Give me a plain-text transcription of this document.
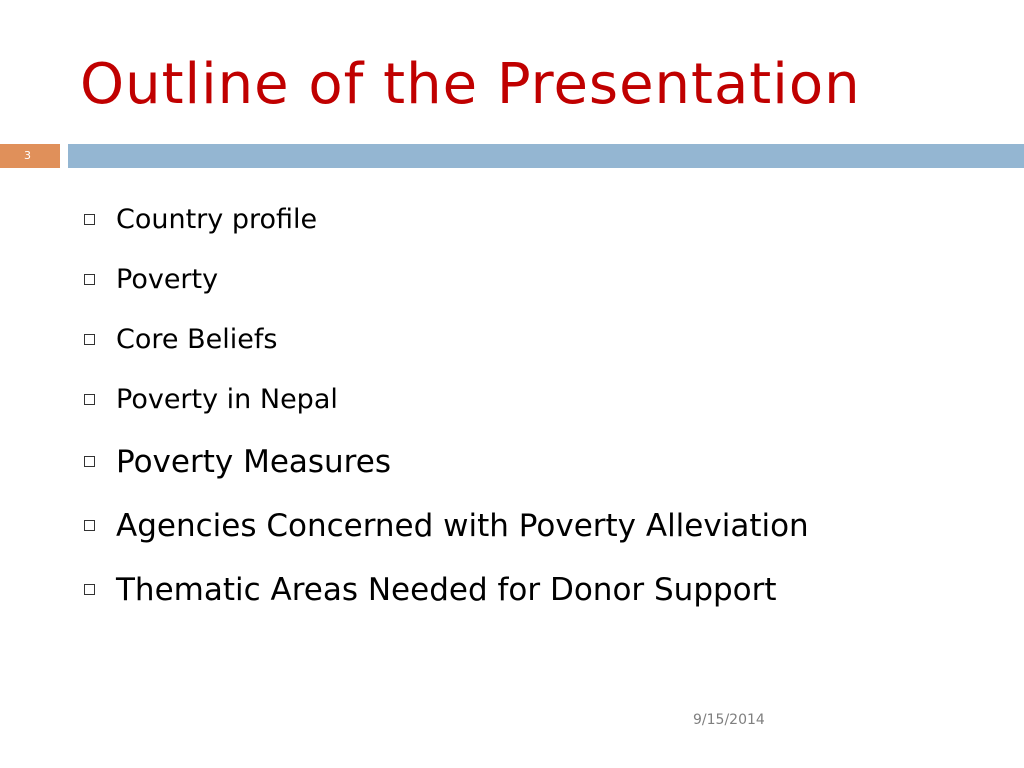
Outline of the Presentation
3
Country profile
Poverty
Core Beliefs
Poverty in Nepal
Poverty Measures
Agencies Concerned with Poverty Alleviation
Thematic Areas Needed for Donor Support
9/15/2014
